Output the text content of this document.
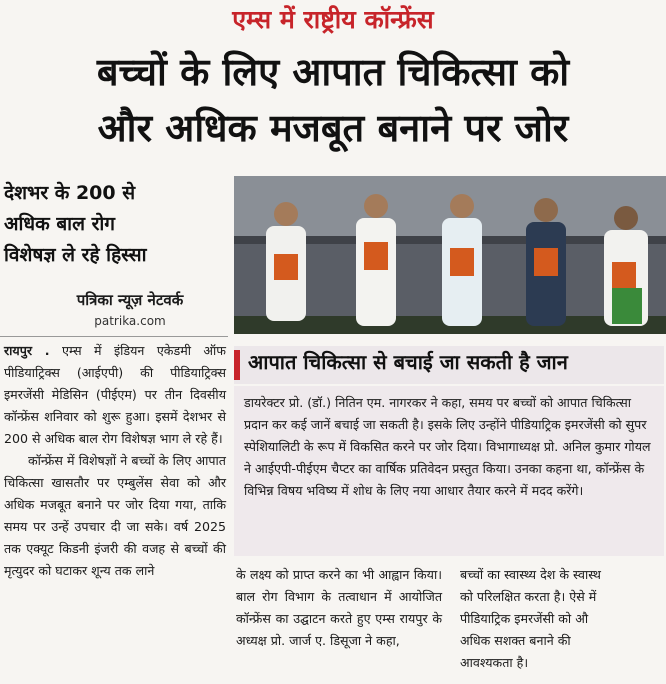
एम्स में राष्ट्रीय कॉन्फ्रेंस
बच्चों के लिए आपात चिकित्सा को
और अधिक मजबूत बनाने पर जोर
देशभर के 200 से
अधिक बाल रोग
विशेषज्ञ ले रहे हिस्सा
पत्रिका न्यूज़ नेटवर्क
patrika.com

रायपुर . एम्स में इंडियन एकेडमी ऑफ पीडियाट्रिक्स (आईएपी) की पीडियाट्रिक्स इमरजेंसी मेडिसिन (पीईएम) पर तीन दिवसीय कॉन्फ्रेंस शनिवार को शुरू हुआ। इसमें देशभर से 200 से अधिक बाल रोग विशेषज्ञ भाग ले रहे हैं।

कॉन्फ्रेंस में विशेषज्ञों ने बच्चों के लिए आपात चिकित्सा खासतौर पर एम्बुलेंस सेवा को और अधिक मजबूत बनाने पर जोर दिया गया, ताकि समय पर उन्हें उपचार दी जा सके। वर्ष 2025 तक एक्यूट किडनी इंजरी की वजह से बच्चों की मृत्युदर को घटाकर शून्य तक लाने

आपात चिकित्सा से बचाई जा सकती है जान
डायरेक्टर प्रो. (डॉ.) नितिन एम. नागरकर ने कहा, समय पर बच्चों को आपात चिकित्सा प्रदान कर कई जानें बचाई जा सकती है। इसके लिए उन्होंने पीडियाट्रिक इमरजेंसी को सुपर स्पेशियालिटी के रूप में विकसित करने पर जोर दिया। विभागाध्यक्ष प्रो. अनिल कुमार गोयल ने आईएपी-पीईएम चैप्टर का वार्षिक प्रतिवेदन प्रस्तुत किया। उनका कहना था, कॉन्फ्रेंस के विभिन्न विषय भविष्य में शोध के लिए नया आधार तैयार करने में मदद करेंगे।

के लक्ष्य को प्राप्त करने का भी आह्वान किया। बाल रोग विभाग के तत्वाधान में आयोजित कॉन्फ्रेंस का उद्घाटन करते हुए एम्स रायपुर के अध्यक्ष प्रो. जार्ज ए. डिसूजा ने कहा,

बच्चों का स्वास्थ्य देश के स्वास्थ
को परिलक्षित करता है। ऐसे में
पीडियाट्रिक इमरजेंसी को औ
अधिक सशक्त बनाने की
आवश्यकता है।
